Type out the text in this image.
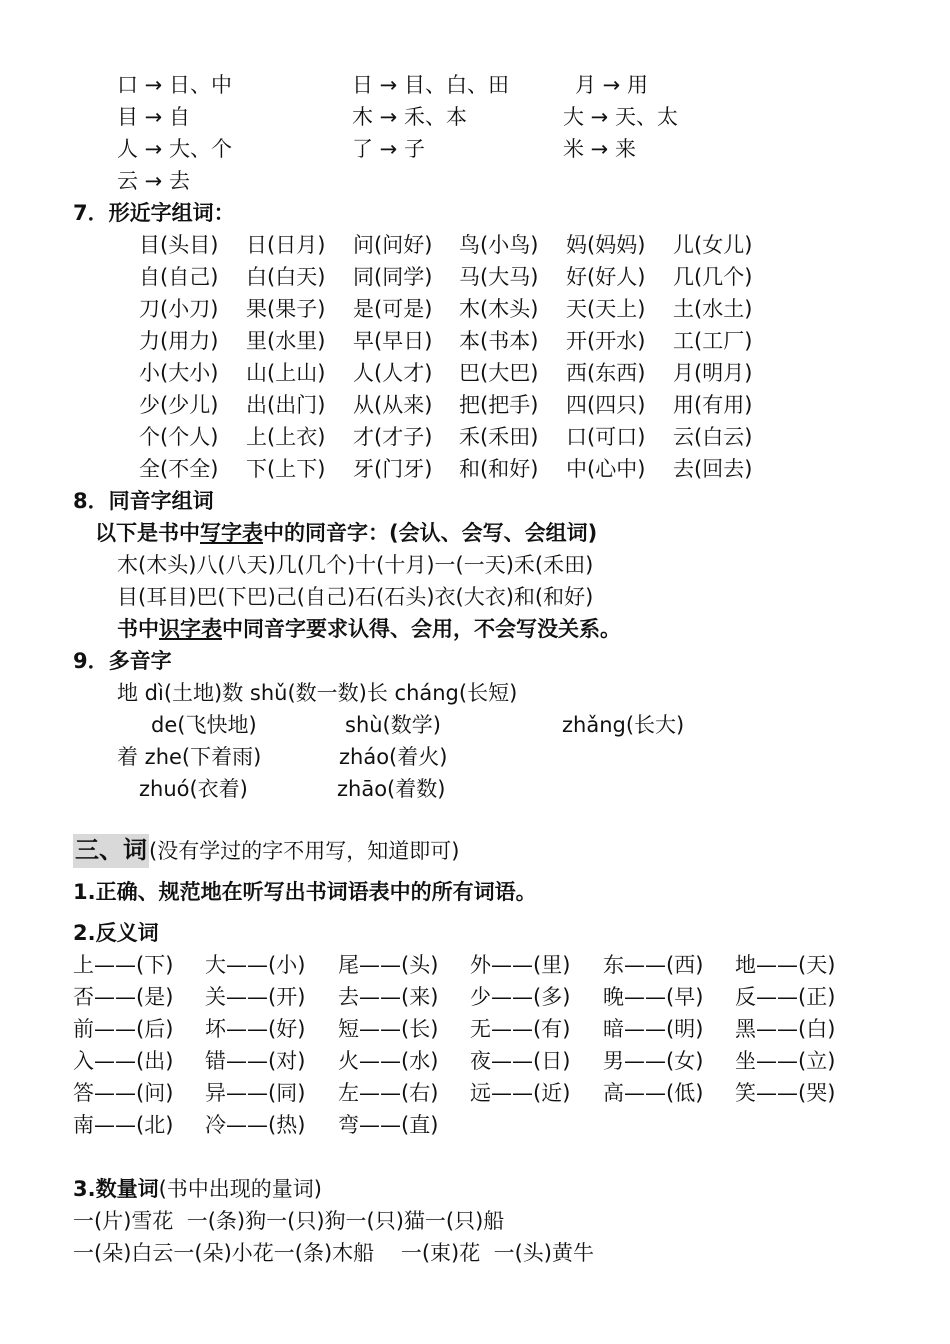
口 → 日、中	日 → 目、白、田	月 → 用
目 → 自	木 → 禾、本	大 → 天、太
人 → 大、个	了 → 子	米 → 来
云 → 去
7．形近字组词：
目(头目) 日(日月) 问(问好) 鸟(小鸟) 妈(妈妈) 儿(女儿)
自(自己) 白(白天) 同(同学) 马(大马) 好(好人) 几(几个)
刀(小刀) 果(果子) 是(可是) 木(木头) 天(天上) 土(水土)
力(用力) 里(水里) 早(早日) 本(书本) 开(开水) 工(工厂)
小(大小) 山(上山) 人(人才) 巴(大巴) 西(东西) 月(明月)
少(少儿) 出(出门) 从(从来) 把(把手) 四(四只) 用(有用)
个(个人) 上(上衣) 才(才子) 禾(禾田) 口(可口) 云(白云)
全(不全) 下(上下) 牙(门牙) 和(和好) 中(心中) 去(回去)
8．同音字组词
以下是书中写字表中的同音字：(会认、会写、会组词)
木(木头)八(八天)几(几个)十(十月)一(一天)禾(禾田)
目(耳目)巴(下巴)己(自己)石(石头)衣(大衣)和(和好)
书中识字表中同音字要求认得、会用，不会写没关系。
9．多音字
地 dì(土地)数 shǔ(数一数)长 cháng(长短)
de(飞快地)	shù(数学)	zhǎng(长大)
着 zhe(下着雨)	zháo(着火)
zhuó(衣着)	zhāo(着数)
三、词(没有学过的字不用写，知道即可)
1.正确、规范地在听写出书词语表中的所有词语。
2.反义词
上——(下) 大——(小) 尾——(头) 外——(里) 东——(西) 地——(天)
否——(是) 关——(开) 去——(来) 少——(多) 晚——(早) 反——(正)
前——(后) 坏——(好) 短——(长) 无——(有) 暗——(明) 黑——(白)
入——(出) 错——(对) 火——(水) 夜——(日) 男——(女) 坐——(立)
答——(问) 异——(同) 左——(右) 远——(近) 高——(低) 笑——(哭)
南——(北) 冷——(热) 弯——(直)
3.数量词(书中出现的量词)
一(片)雪花  一(条)狗一(只)狗一(只)猫一(只)船
一(朵)白云一(朵)小花一(条)木船    一(束)花  一(头)黄牛
